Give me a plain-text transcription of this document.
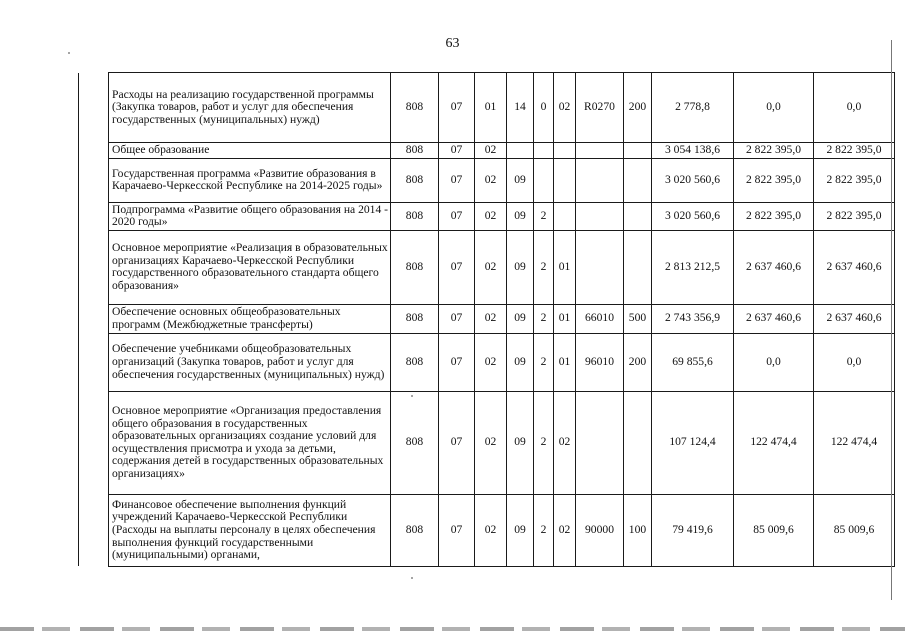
63
	Расходы на реализацию государственной программы (Закупка товаров, работ и услуг для обеспечения государственных (муниципальных) нужд)	808	07	01	14	0	02	R0270	200	2 778,8	0,0	0,0
	Общее образование	808	07	02						3 054 138,6	2 822 395,0	2 822 395,0
	Государственная программа «Развитие образования в Карачаево-Черкесской Республике на 2014-2025 годы»	808	07	02	09					3 020 560,6	2 822 395,0	2 822 395,0
	Подпрограмма «Развитие общего образования на 2014 - 2020 годы»	808	07	02	09	2				3 020 560,6	2 822 395,0	2 822 395,0
	Основное мероприятие «Реализация в образовательных организациях Карачаево-Черкесской Республики государственного образовательного стандарта общего образования»	808	07	02	09	2	01			2 813 212,5	2 637 460,6	2 637 460,6
	Обеспечение основных общеобразовательных программ (Межбюджетные трансферты)	808	07	02	09	2	01	66010	500	2 743 356,9	2 637 460,6	2 637 460,6
	Обеспечение учебниками общеобразовательных организаций (Закупка товаров, работ и услуг для обеспечения государственных (муниципальных) нужд)	808	07	02	09	2	01	96010	200	69 855,6	0,0	0,0
	Основное мероприятие «Организация предоставления общего образования в государственных образовательных организациях создание условий для осуществления присмотра и ухода за детьми, содержания детей в государственных образовательных организациях»	808	07	02	09	2	02			107 124,4	122 474,4	122 474,4
	Финансовое обеспечение выполнения функций учреждений Карачаево-Черкесской Республики (Расходы на выплаты персоналу в целях обеспечения выполнения функций государственными (муниципальными) органами,	808	07	02	09	2	02	90000	100	79 419,6	85 009,6	85 009,6
